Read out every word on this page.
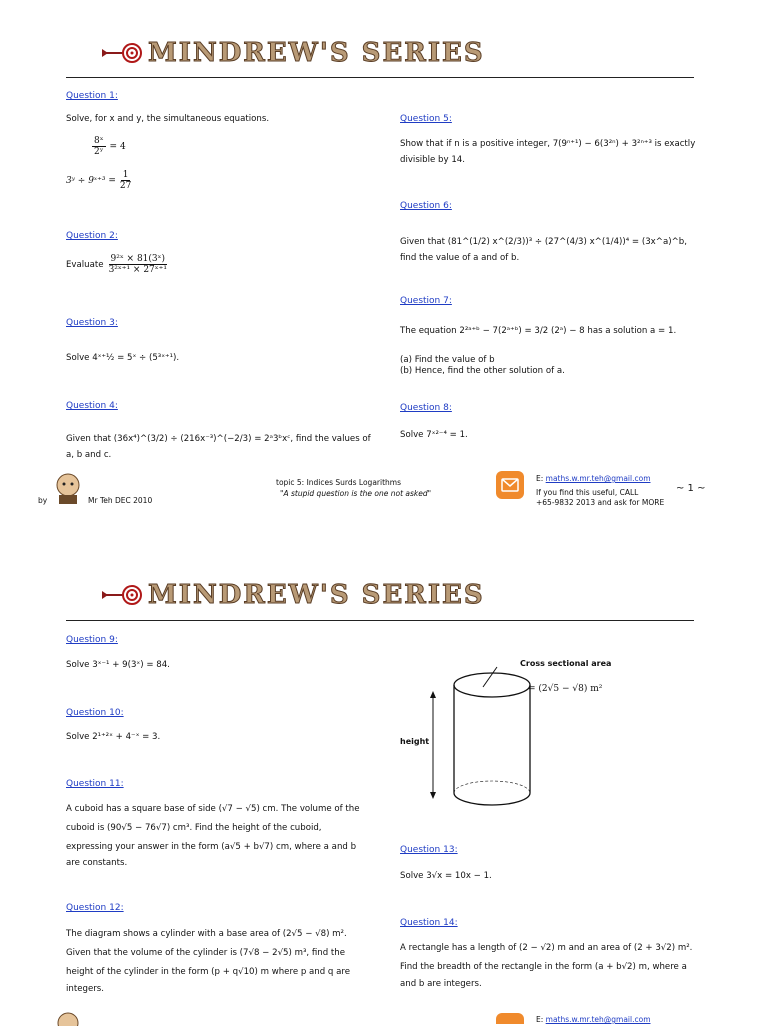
MINDREW'S SERIES
Question 1:
Solve, for x and y, the simultaneous equations.
$\frac{\text{8ˣ}}{\text{2ʸ}} = 4$
3ʸ ÷ 9ˣ⁺³ = $\frac{1}{27}$
Question 2:
Evaluate $\frac{\text{9²ˣ × 81(3ˣ)}}{\text{3²ˣ⁺¹ × 27ˣ⁺¹}}$
Question 3:
Solve 4ˣ⁺½ = 5ˣ ÷ (5³ˣ⁺¹).
Question 4:
Given that (36x⁴)^(3/2) ÷ (216x⁻³)^(−2/3) = 2ᵃ3ᵇxᶜ, find the values of a, b and c.
Question 5:
Show that if n is a positive integer, 7(9ⁿ⁺¹) − 6(3²ⁿ) + 3²ⁿ⁺³ is exactly divisible by 14.
Question 6:
Given that (81^(1/2) x^(2/3))³ ÷ (27^(4/3) x^(1/4))⁴ = (3x^a)^b, find the value of a and of b.
Question 7:
The equation 2²ᵃ⁺ᵇ − 7(2ᵃ⁺ᵇ) = 3/2 (2ᵃ) − 8 has a solution a = 1.
(a) Find the value of b
(b) Hence, find the other solution of a.
Question 8:
Solve 7ˣ²⁻⁴ = 1.
by	Mr Teh DEC 2010
topic 5: Indices Surds Logarithms
"A stupid question is the one not asked"
E: maths.w.mr.teh@gmail.com
If you find this useful, CALL
+65-9832 2013 and ask for MORE
~ 1 ~
MINDREW'S SERIES
Question 9:
Solve 3ˣ⁻¹ + 9(3ˣ) = 84.
Question 10:
Solve 2¹⁺²ˣ + 4⁻ˣ = 3.
Question 11:
A cuboid has a square base of side (√7 − √5) cm. The volume of the
cuboid is (90√5 − 76√7) cm³. Find the height of the cuboid,
expressing your answer in the form (a√5 + b√7) cm, where a and b
are constants.
Question 12:
The diagram shows a cylinder with a base area of (2√5 − √8) m².
Given that the volume of the cylinder is (7√8 − 2√5) m³, find the
height of the cylinder in the form (p + q√10) m where p and q are
integers.
Cross sectional area
= (2√5 − √8) m²
height
Question 13:
Solve 3√x = 10x − 1.
Question 14:
A rectangle has a length of (2 − √2) m and an area of (2 + 3√2) m².
Find the breadth of the rectangle in the form (a + b√2) m, where a
and b are integers.
E: maths.w.mr.teh@gmail.com
